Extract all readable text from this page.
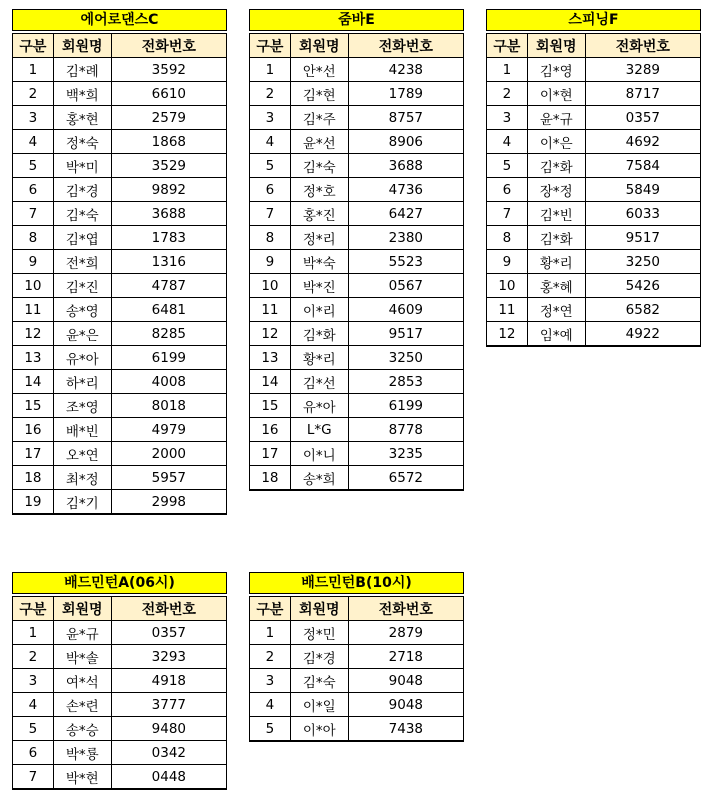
에어로댄스C
구분	회원명	전화번호
1	김*례	3592
2	백*희	6610
3	홍*현	2579
4	정*숙	1868
5	박*미	3529
6	김*경	9892
7	김*숙	3688
8	김*엽	1783
9	전*희	1316
10	김*진	4787
11	송*영	6481
12	윤*은	8285
13	유*아	6199
14	하*리	4008
15	조*영	8018
16	배*빈	4979
17	오*연	2000
18	최*정	5957
19	김*기	2998
줌바E
구분	회원명	전화번호
1	안*선	4238
2	김*현	1789
3	김*주	8757
4	윤*선	8906
5	김*숙	3688
6	정*호	4736
7	홍*진	6427
8	정*리	2380
9	박*숙	5523
10	박*진	0567
11	이*리	4609
12	김*화	9517
13	황*리	3250
14	김*선	2853
15	유*아	6199
16	L*G	8778
17	이*니	3235
18	송*희	6572
스피닝F
구분	회원명	전화번호
1	김*영	3289
2	이*현	8717
3	윤*규	0357
4	이*은	4692
5	김*화	7584
6	장*정	5849
7	김*빈	6033
8	김*화	9517
9	황*리	3250
10	홍*혜	5426
11	정*연	6582
12	임*예	4922
배드민턴A(06시)
구분	회원명	전화번호
1	윤*규	0357
2	박*솔	3293
3	여*석	4918
4	손*련	3777
5	송*승	9480
6	박*룡	0342
7	박*현	0448
배드민턴B(10시)
구분	회원명	전화번호
1	정*민	2879
2	김*경	2718
3	김*숙	9048
4	이*일	9048
5	이*아	7438
